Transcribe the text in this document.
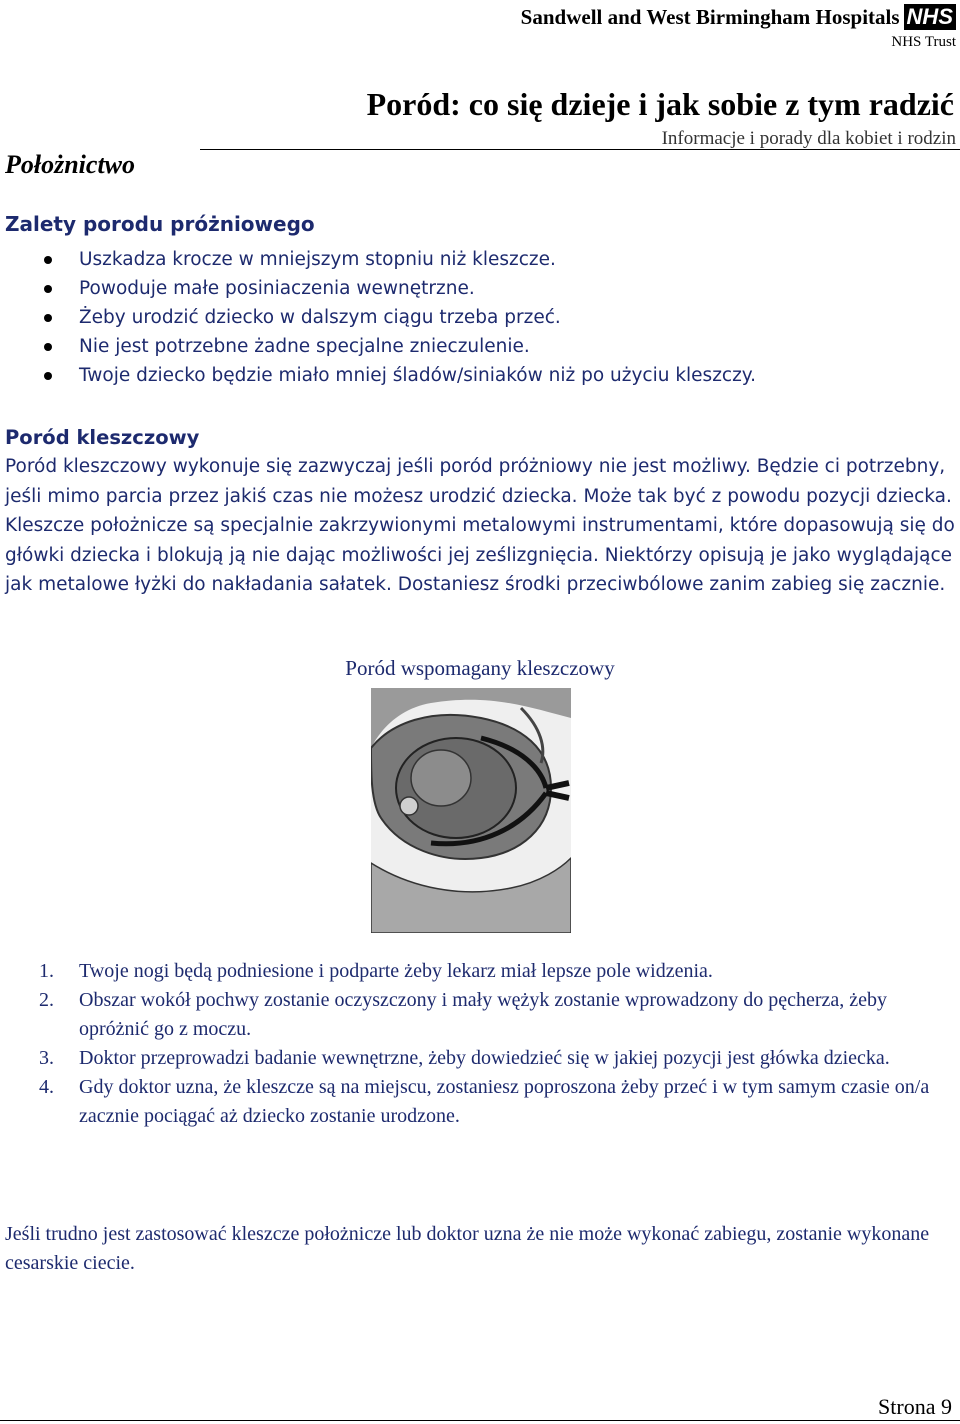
Sandwell and West Birmingham Hospitals NHS
NHS Trust
Poród: co się dzieje i jak sobie z tym radzić
Informacje i porady dla kobiet i rodzin
Położnictwo
Zalety porodu próżniowego
Uszkadza krocze w mniejszym stopniu niż kleszcze.
Powoduje małe posiniaczenia wewnętrzne.
Żeby urodzić dziecko w dalszym ciągu trzeba przeć.
Nie jest potrzebne żadne specjalne znieczulenie.
Twoje dziecko będzie miało mniej śladów/siniaków niż po użyciu kleszczy.
Poród kleszczowy

Poród kleszczowy wykonuje się zazwyczaj jeśli poród próżniowy nie jest możliwy. Będzie ci potrzebny, jeśli mimo parcia przez jakiś czas nie możesz urodzić dziecka. Może tak być z powodu pozycji dziecka. Kleszcze położnicze są specjalnie zakrzywionymi metalowymi instrumentami, które dopasowują się do główki dziecka i blokują ją nie dając możliwości jej ześlizgnięcia. Niektórzy opisują je jako wyglądające jak metalowe łyżki do nakładania sałatek. Dostaniesz środki przeciwbólowe zanim zabieg się zacznie.

Poród wspomagany kleszczowy
1. Twoje nogi będą podniesione i podparte żeby lekarz miał lepsze pole widzenia.
2. Obszar wokół pochwy zostanie oczyszczony i mały wężyk zostanie wprowadzony do pęcherza, żeby opróżnić go z moczu.
3. Doktor przeprowadzi badanie wewnętrzne, żeby dowiedzieć się w jakiej pozycji jest główka dziecka.
4. Gdy doktor uzna, że kleszcze są na miejscu, zostaniesz poproszona żeby przeć i w tym samym czasie on/a zacznie pociągać aż dziecko zostanie urodzone.

Jeśli trudno jest zastosować kleszcze położnicze lub doktor uzna że nie może wykonać zabiegu, zostanie wykonane cesarskie ciecie.

Strona 9
